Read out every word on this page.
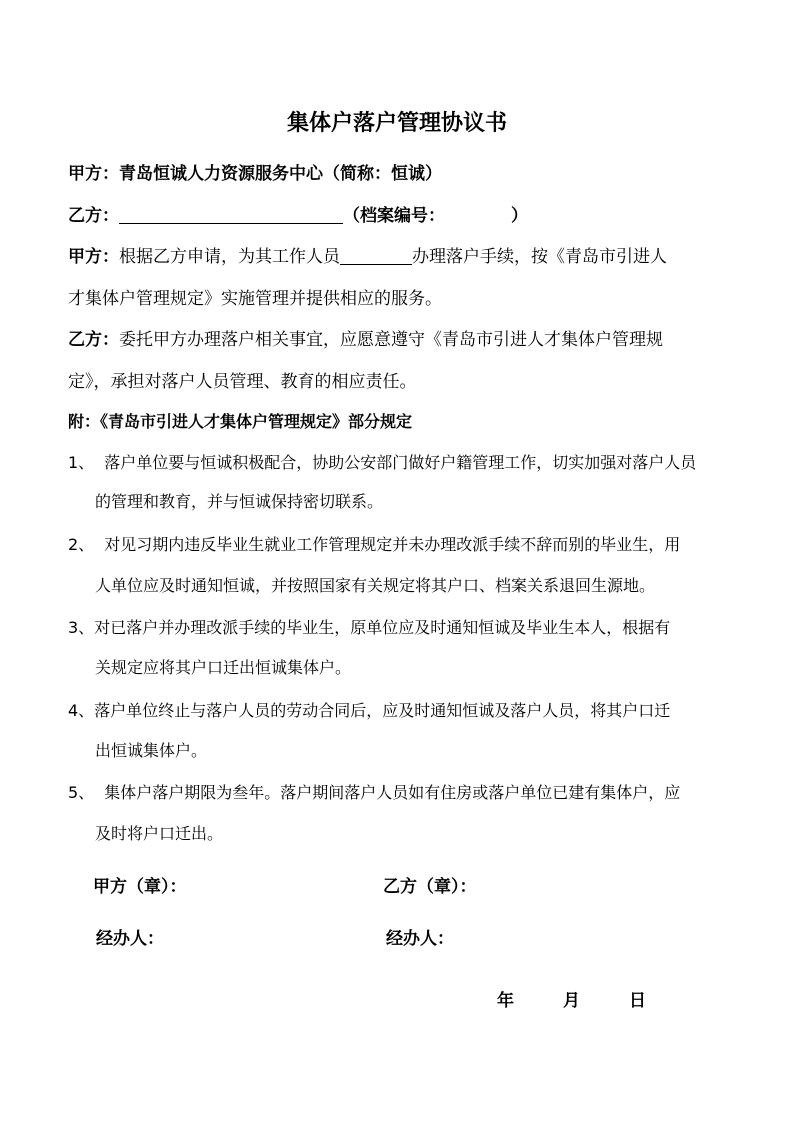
集体户落户管理协议书
甲方：青岛恒诚人力资源服务中心（简称：恒诚）
乙方：	（档案编号：	）
甲方：根据乙方申请，为其工作人员	办理落户手续，按《青岛市引进人
才集体户管理规定》实施管理并提供相应的服务。
乙方：委托甲方办理落户相关事宜，应愿意遵守《青岛市引进人才集体户管理规
定》，承担对落户人员管理、教育的相应责任。
附：《青岛市引进人才集体户管理规定》部分规定
1、 落户单位要与恒诚积极配合，协助公安部门做好户籍管理工作，切实加强对落户人员
的管理和教育，并与恒诚保持密切联系。
2、 对见习期内违反毕业生就业工作管理规定并未办理改派手续不辞而别的毕业生，用
人单位应及时通知恒诚，并按照国家有关规定将其户口、档案关系退回生源地。
3、对已落户并办理改派手续的毕业生，原单位应及时通知恒诚及毕业生本人，根据有
关规定应将其户口迁出恒诚集体户。
4、落户单位终止与落户人员的劳动合同后，应及时通知恒诚及落户人员，将其户口迁
出恒诚集体户。
5、 集体户落户期限为叁年。落户期间落户人员如有住房或落户单位已建有集体户，应
及时将户口迁出。
甲方（章）：	乙方（章）：
经办人：	经办人：
年	月	日
